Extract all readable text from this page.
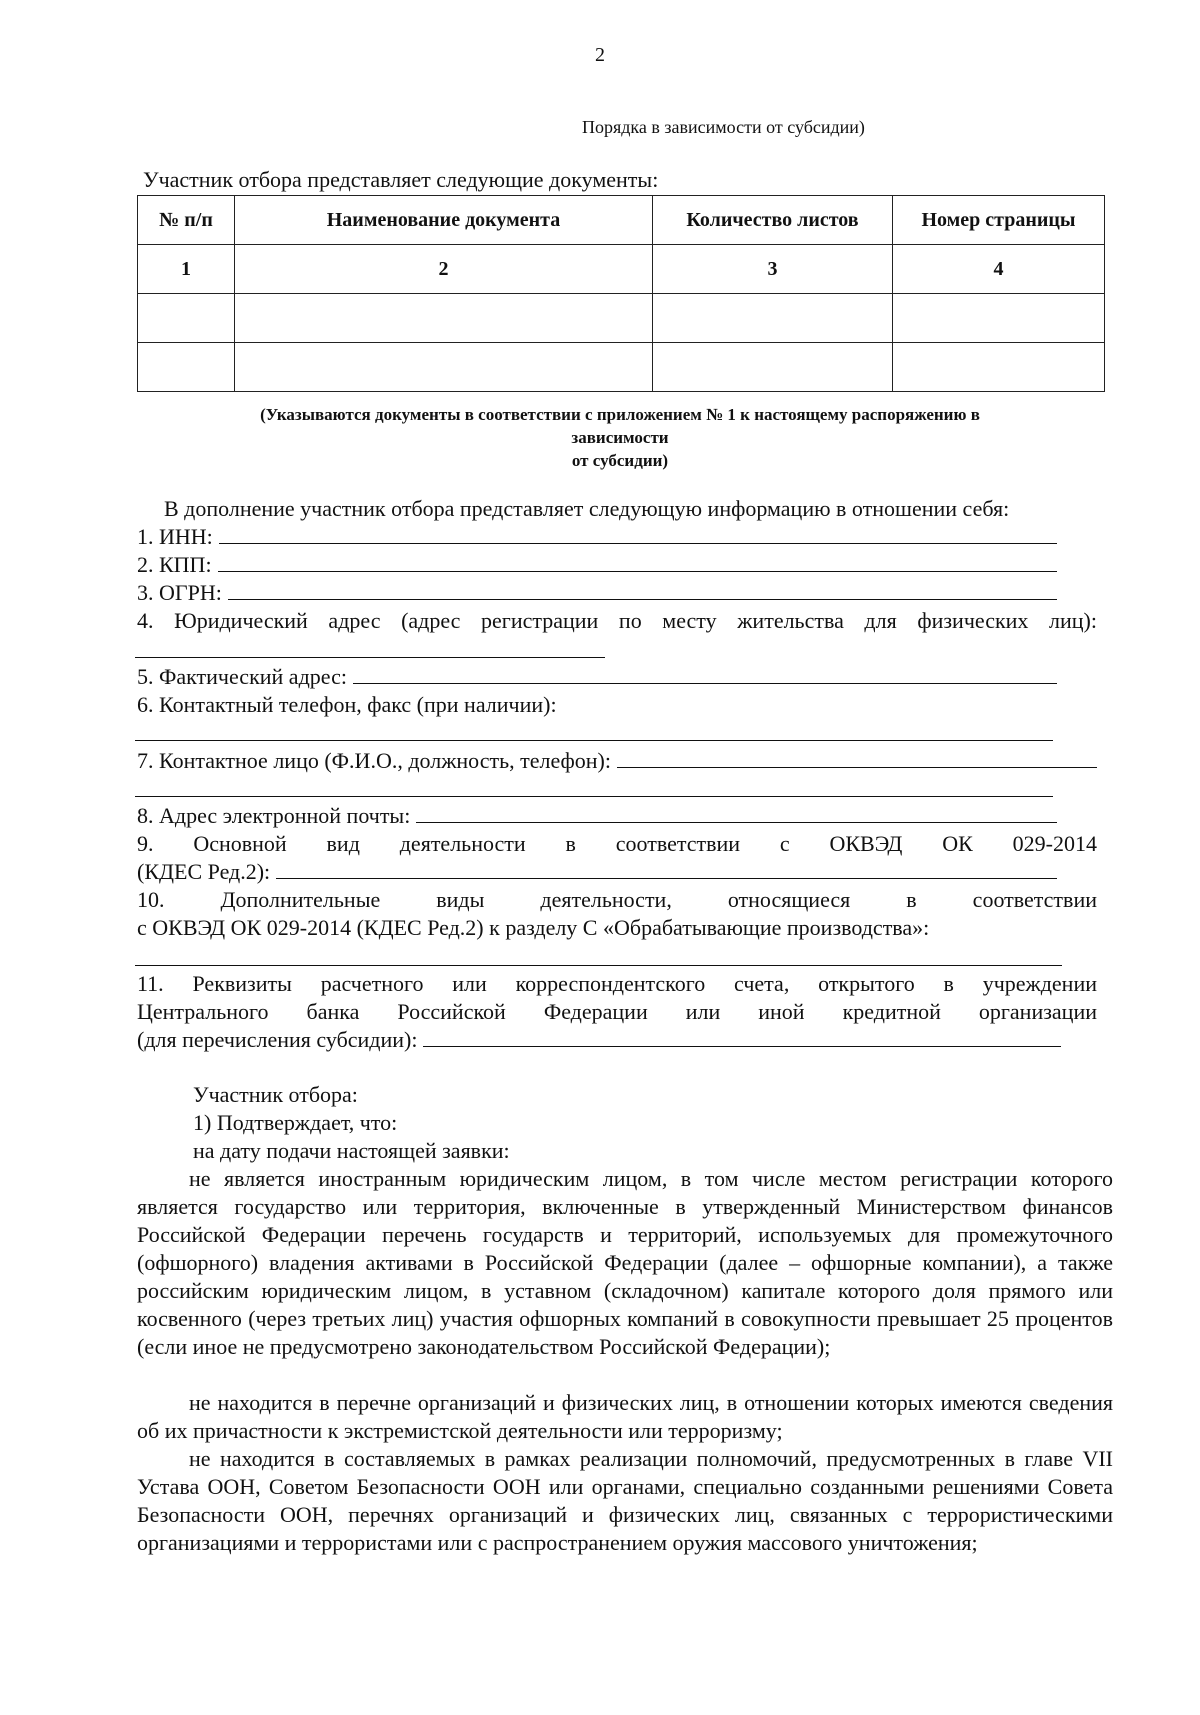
2
Порядка в зависимости от субсидии)
Участник отбора представляет следующие документы:
№ п/п	Наименование документа	Количество листов	Номер страницы
1	2	3	4

(Указываются документы в соответствии с приложением № 1 к настоящему распоряжению в
зависимости
от субсидии)
В дополнение участник отбора представляет следующую информацию в отношении себя:
1. ИНН:
2. КПП:
3. ОГРН:
4. Юридический адрес (адрес регистрации по месту жительства для физических лиц):
5. Фактический адрес:
6. Контактный телефон, факс (при наличии):
7. Контактное лицо (Ф.И.О., должность, телефон):
8. Адрес электронной почты:
9. Основной вид деятельности в соответствии с ОКВЭД ОК 029-2014
(КДЕС Ред.2):
10. Дополнительные виды деятельности, относящиеся в соответствии
с ОКВЭД ОК 029-2014 (КДЕС Ред.2) к разделу С «Обрабатывающие производства»:
11. Реквизиты расчетного или корреспондентского счета, открытого в учреждении
Центрального банка Российской Федерации или иной кредитной организации
(для перечисления субсидии):
Участник отбора:
1) Подтверждает, что:
на дату подачи настоящей заявки:
не является иностранным юридическим лицом, в том числе местом регистрации которого является государство или территория, включенные в утвержденный Министерством финансов Российской Федерации перечень государств и территорий, используемых для промежуточного (офшорного) владения активами в Российской Федерации (далее – офшорные компании), а также российским юридическим лицом, в уставном (складочном) капитале которого доля прямого или косвенного (через третьих лиц) участия офшорных компаний в совокупности превышает 25 процентов (если иное не предусмотрено законодательством Российской Федерации);
не находится в перечне организаций и физических лиц, в отношении которых имеются сведения об их причастности к экстремистской деятельности или терроризму;
не находится в составляемых в рамках реализации полномочий, предусмотренных в главе VII Устава ООН, Советом Безопасности ООН или органами, специально созданными решениями Совета Безопасности ООН, перечнях организаций и физических лиц, связанных с террористическими организациями и террористами или с распространением оружия массового уничтожения;
